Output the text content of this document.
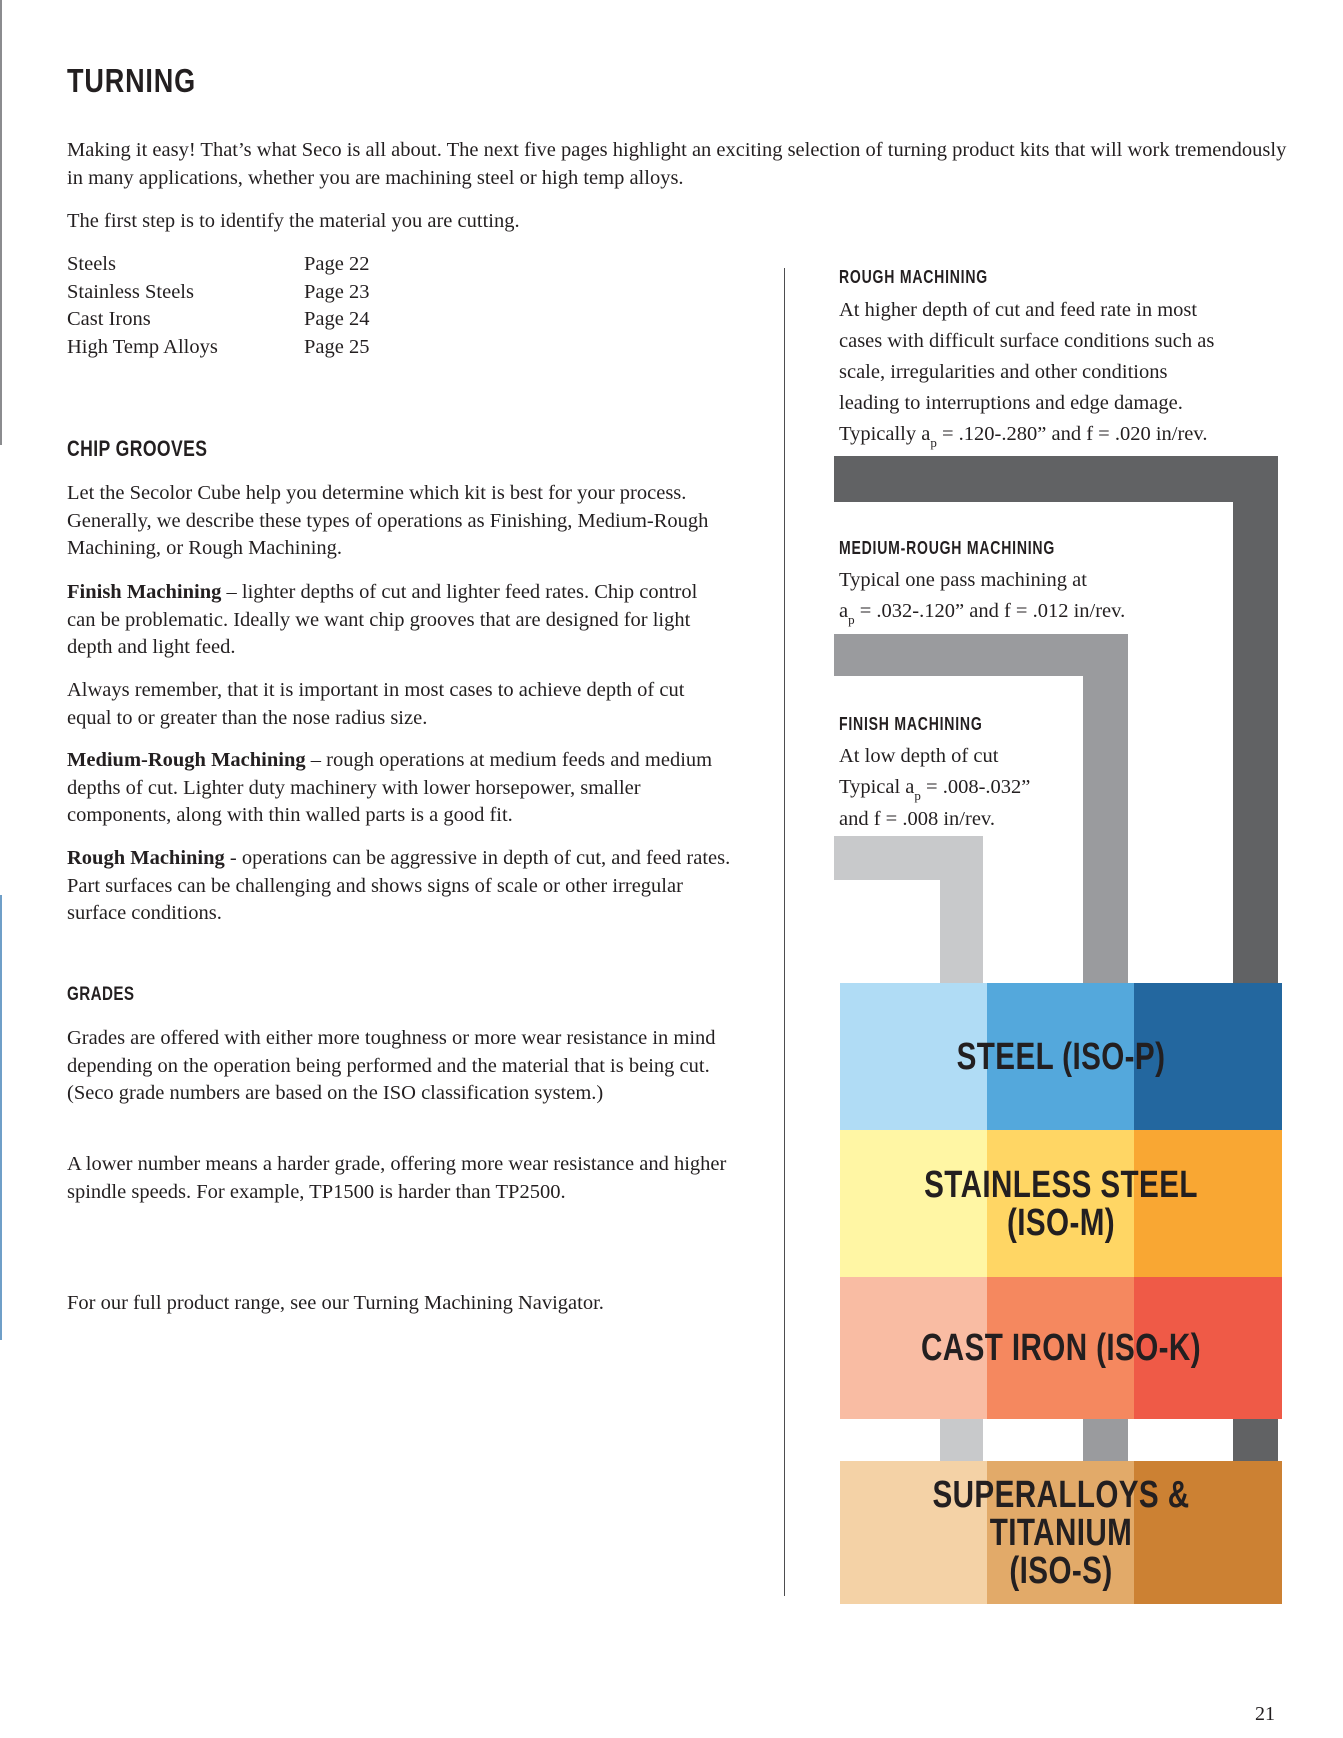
TURNING
Making it easy! That’s what Seco is all about. The next five pages highlight an exciting selection of turning product kits that will work tremendously in many applications, whether you are machining steel or high temp alloys.
The first step is to identify the material you are cutting.
Steels	Page 22
Stainless Steels	Page 23
Cast Irons	Page 24
High Temp Alloys	Page 25
CHIP GROOVES
Let the Secolor Cube help you determine which kit is best for your process. Generally, we describe these types of operations as Finishing, Medium-Rough Machining, or Rough Machining.
Finish Machining – lighter depths of cut and lighter feed rates. Chip control can be problematic. Ideally we want chip grooves that are designed for light depth and light feed.
Always remember, that it is important in most cases to achieve depth of cut equal to or greater than the nose radius size.
Medium-Rough Machining – rough operations at medium feeds and medium depths of cut. Lighter duty machinery with lower horsepower, smaller components, along with thin walled parts is a good fit.
Rough Machining - operations can be aggressive in depth of cut, and feed rates. Part surfaces can be challenging and shows signs of scale or other irregular surface conditions.
GRADES
Grades are offered with either more toughness or more wear resistance in mind depending on the operation being performed and the material that is being cut. (Seco grade numbers are based on the ISO classification system.)
A lower number means a harder grade, offering more wear resistance and higher spindle speeds. For example, TP1500 is harder than TP2500.
For our full product range, see our Turning Machining Navigator.
ROUGH MACHINING
At higher depth of cut and feed rate in most
cases with difficult surface conditions such as
scale, irregularities and other conditions
leading to interruptions and edge damage.
Typically $a_p = .120-.280$” and f = .020 in/rev.
MEDIUM-ROUGH MACHINING
Typical one pass machining at
$a_p = .032-.120$” and f = .012 in/rev.
FINISH MACHINING
At low depth of cut
Typical $a_p = .008-.032$”
and f = .008 in/rev.
STEEL (ISO-P)
STAINLESS STEEL (ISO-M)
CAST IRON (ISO-K)
SUPERALLOYS & TITANIUM
(ISO-S)
21
